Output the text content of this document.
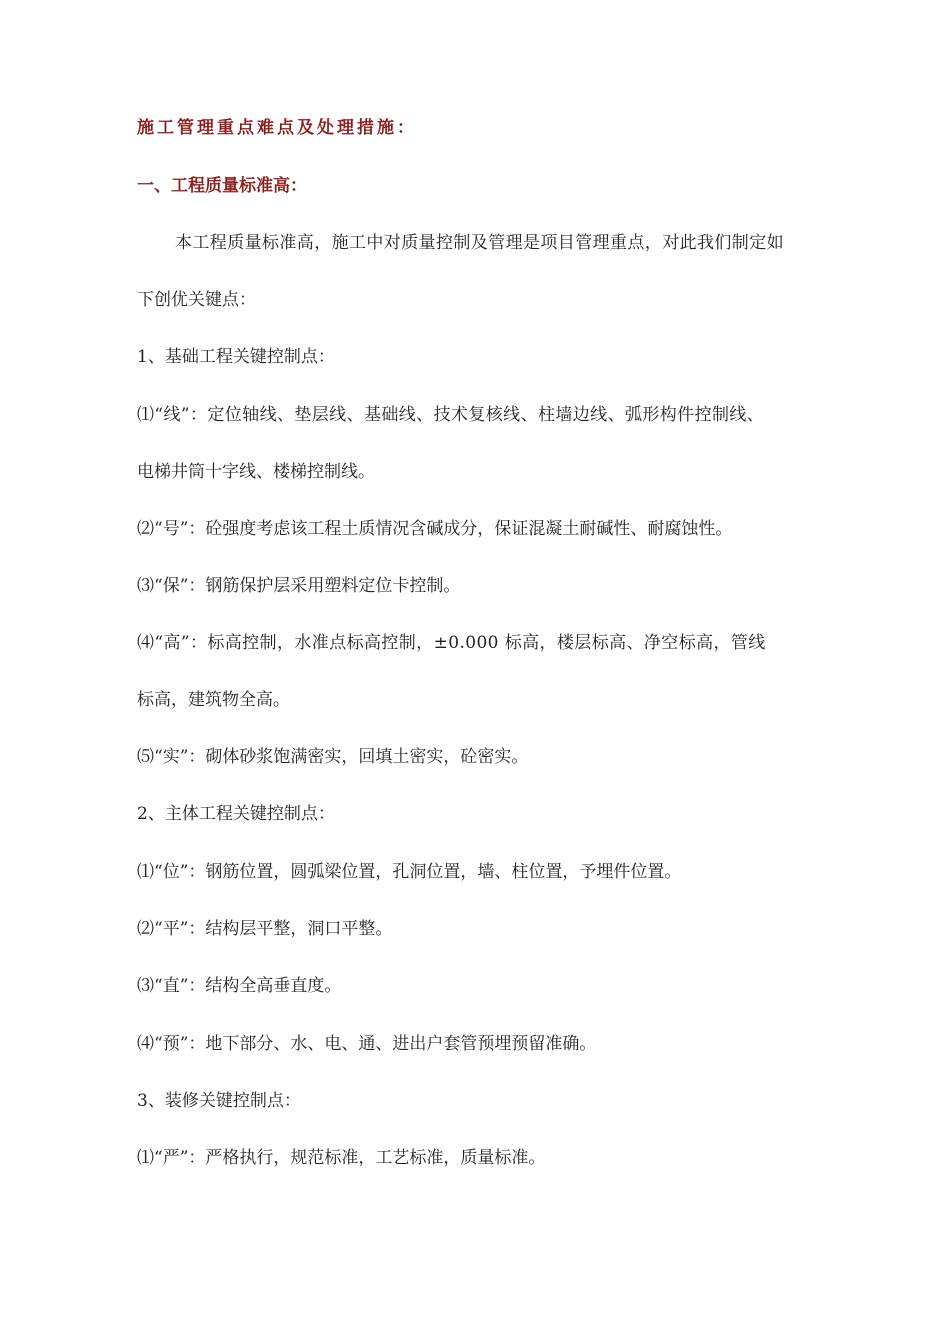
施工管理重点难点及处理措施：
一、工程质量标准高：
本工程质量标准高，施工中对质量控制及管理是项目管理重点，对此我们制定如
下创优关键点：
1、基础工程关键控制点：
⑴“线”：定位轴线、垫层线、基础线、技术复核线、柱墙边线、弧形构件控制线、
电梯井筒十字线、楼梯控制线。
⑵“号”：砼强度考虑该工程土质情况含碱成分，保证混凝土耐碱性、耐腐蚀性。
⑶“保”：钢筋保护层采用塑料定位卡控制。
⑷“高”：标高控制，水准点标高控制，±0.000 标高，楼层标高、净空标高，管线
标高，建筑物全高。
⑸“实”：砌体砂浆饱满密实，回填土密实，砼密实。
2、主体工程关键控制点：
⑴“位”：钢筋位置，圆弧梁位置，孔洞位置，墙、柱位置，予埋件位置。
⑵“平”：结构层平整，洞口平整。
⑶“直”：结构全高垂直度。
⑷“预”：地下部分、水、电、通、进出户套管预埋预留准确。
3、装修关键控制点：
⑴“严”：严格执行，规范标准，工艺标准，质量标准。
